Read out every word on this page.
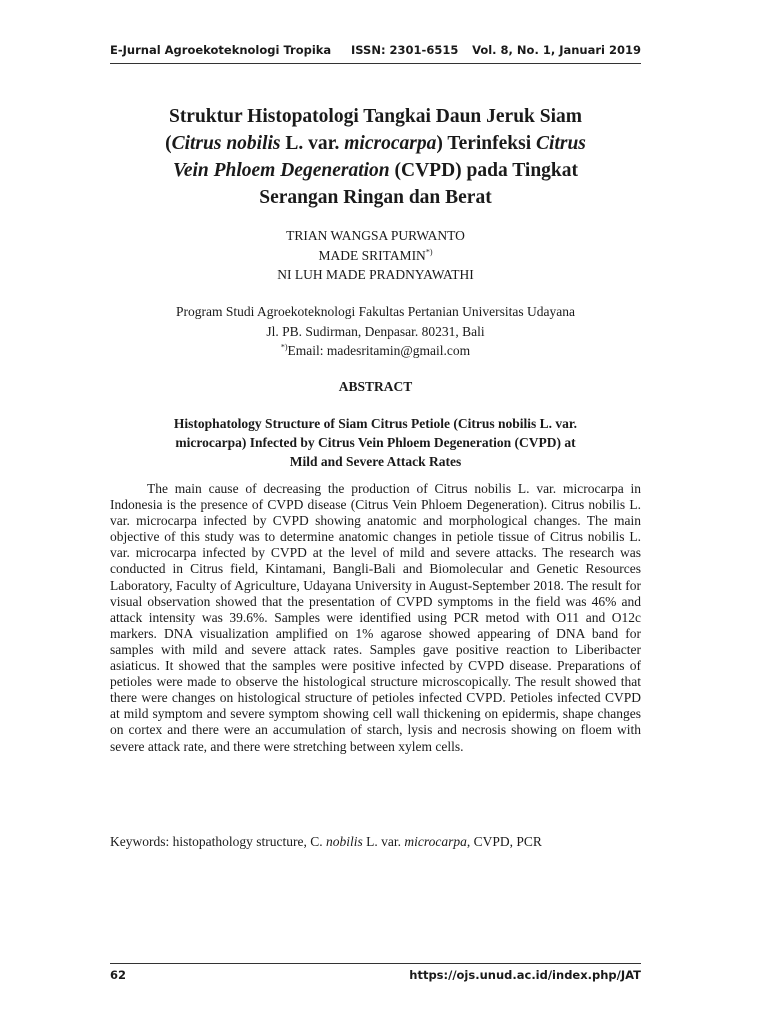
E-Jurnal Agroekoteknologi Tropika ISSN: 2301-6515 Vol. 8, No. 1, Januari 2019
Struktur Histopatologi Tangkai Daun Jeruk Siam
(Citrus nobilis L. var. microcarpa) Terinfeksi Citrus
Vein Phloem Degeneration (CVPD) pada Tingkat
Serangan Ringan dan Berat
TRIAN WANGSA PURWANTO
MADE SRITAMIN*)
NI LUH MADE PRADNYAWATHI
Program Studi Agroekoteknologi Fakultas Pertanian Universitas Udayana
Jl. PB. Sudirman, Denpasar. 80231, Bali
*)Email: madesritamin@gmail.com
ABSTRACT
Histophatology Structure of Siam Citrus Petiole (Citrus nobilis L. var.
microcarpa) Infected by Citrus Vein Phloem Degeneration (CVPD) at
Mild and Severe Attack Rates
The main cause of decreasing the production of Citrus nobilis L. var. microcarpa in Indonesia is the presence of CVPD disease (Citrus Vein Phloem Degeneration). Citrus nobilis L. var. microcarpa infected by CVPD showing anatomic and morphological changes. The main objective of this study was to determine anatomic changes in petiole tissue of Citrus nobilis L. var. microcarpa infected by CVPD at the level of mild and severe attacks. The research was conducted in Citrus field, Kintamani, Bangli-Bali and Biomolecular and Genetic Resources Laboratory, Faculty of Agriculture, Udayana University in August-September 2018. The result for visual observation showed that the presentation of CVPD symptoms in the field was 46% and attack intensity was 39.6%. Samples were identified using PCR metod with O11 and O12c markers. DNA visualization amplified on 1% agarose showed appearing of DNA band for samples with mild and severe attack rates. Samples gave positive reaction to Liberibacter asiaticus. It showed that the samples were positive infected by CVPD disease. Preparations of petioles were made to observe the histological structure microscopically. The result showed that there were changes on histological structure of petioles infected CVPD. Petioles infected CVPD at mild symptom and severe symptom showing cell wall thickening on epidermis, shape changes on cortex and there were an accumulation of starch, lysis and necrosis showing on floem with severe attack rate, and there were stretching between xylem cells.
Keywords: histopathology structure, C. nobilis L. var. microcarpa, CVPD, PCR
62	https://ojs.unud.ac.id/index.php/JAT
